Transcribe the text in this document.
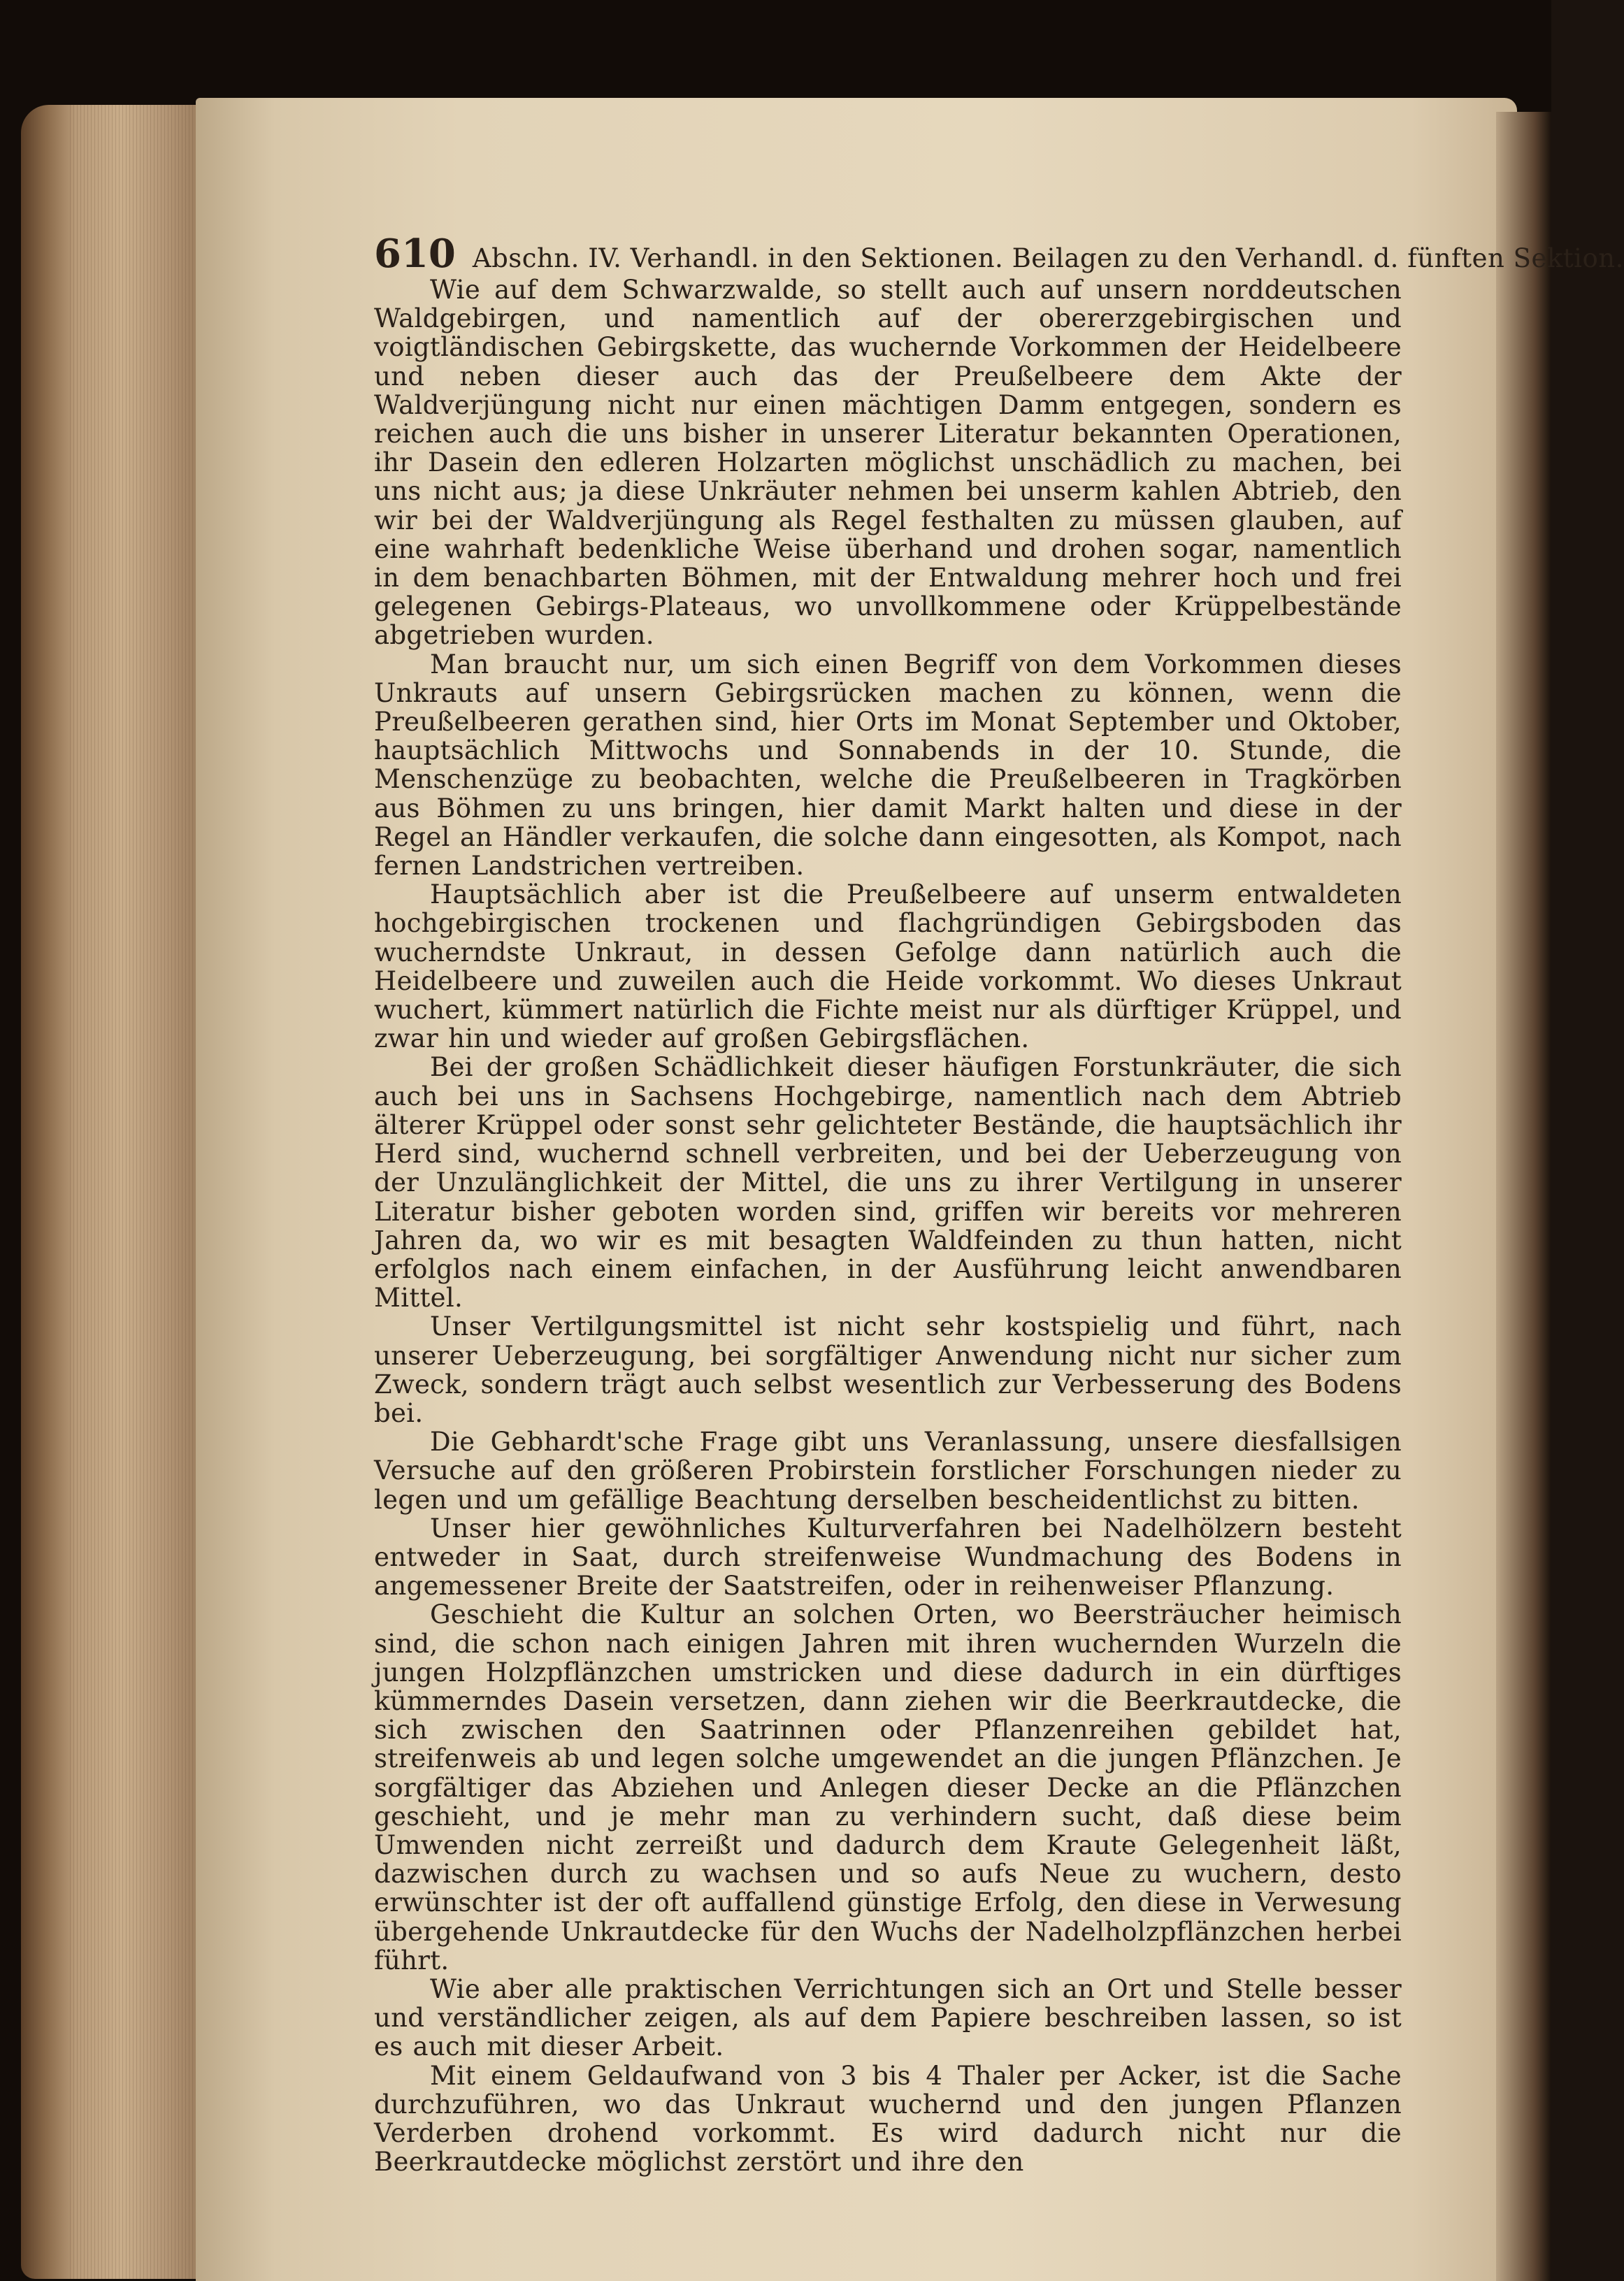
610 Abschn. IV. Verhandl. in den Sektionen. Beilagen zu den Verhandl. d. fünften Sektion.

Wie auf dem Schwarzwalde, so stellt auch auf unsern norddeutschen Waldgebirgen, und namentlich auf der obererzgebirgischen und voigtländischen Gebirgskette, das wuchernde Vorkommen der Heidelbeere und neben dieser auch das der Preußelbeere dem Akte der Waldverjüngung nicht nur einen mächtigen Damm entgegen, sondern es reichen auch die uns bisher in unserer Literatur bekannten Operationen, ihr Dasein den edleren Holzarten möglichst unschädlich zu machen, bei uns nicht aus; ja diese Unkräuter nehmen bei unserm kahlen Abtrieb, den wir bei der Waldverjüngung als Regel festhalten zu müssen glauben, auf eine wahrhaft bedenkliche Weise überhand und drohen sogar, namentlich in dem benachbarten Böhmen, mit der Entwaldung mehrer hoch und frei gelegenen Gebirgs-Plateaus, wo unvollkommene oder Krüppelbestände abgetrieben wurden.

Man braucht nur, um sich einen Begriff von dem Vorkommen dieses Unkrauts auf unsern Gebirgsrücken machen zu können, wenn die Preußelbeeren gerathen sind, hier Orts im Monat September und Oktober, hauptsächlich Mittwochs und Sonnabends in der 10. Stunde, die Menschenzüge zu beobachten, welche die Preußelbeeren in Tragkörben aus Böhmen zu uns bringen, hier damit Markt halten und diese in der Regel an Händler verkaufen, die solche dann eingesotten, als Kompot, nach fernen Landstrichen vertreiben.

Hauptsächlich aber ist die Preußelbeere auf unserm entwaldeten hochgebirgischen trockenen und flachgründigen Gebirgsboden das wucherndste Unkraut, in dessen Gefolge dann natürlich auch die Heidelbeere und zuweilen auch die Heide vorkommt. Wo dieses Unkraut wuchert, kümmert natürlich die Fichte meist nur als dürftiger Krüppel, und zwar hin und wieder auf großen Gebirgsflächen.

Bei der großen Schädlichkeit dieser häufigen Forstunkräuter, die sich auch bei uns in Sachsens Hochgebirge, namentlich nach dem Abtrieb älterer Krüppel oder sonst sehr gelichteter Bestände, die hauptsächlich ihr Herd sind, wuchernd schnell verbreiten, und bei der Ueberzeugung von der Unzulänglichkeit der Mittel, die uns zu ihrer Vertilgung in unserer Literatur bisher geboten worden sind, griffen wir bereits vor mehreren Jahren da, wo wir es mit besagten Waldfeinden zu thun hatten, nicht erfolglos nach einem einfachen, in der Ausführung leicht anwendbaren Mittel.

Unser Vertilgungsmittel ist nicht sehr kostspielig und führt, nach unserer Ueberzeugung, bei sorgfältiger Anwendung nicht nur sicher zum Zweck, sondern trägt auch selbst wesentlich zur Verbesserung des Bodens bei.

Die Gebhardt'sche Frage gibt uns Veranlassung, unsere diesfallsigen Versuche auf den größeren Probirstein forstlicher Forschungen nieder zu legen und um gefällige Beachtung derselben bescheidentlichst zu bitten.

Unser hier gewöhnliches Kulturverfahren bei Nadelhölzern besteht entweder in Saat, durch streifenweise Wundmachung des Bodens in angemessener Breite der Saatstreifen, oder in reihenweiser Pflanzung.

Geschieht die Kultur an solchen Orten, wo Beersträucher heimisch sind, die schon nach einigen Jahren mit ihren wuchernden Wurzeln die jungen Holzpflänzchen umstricken und diese dadurch in ein dürftiges kümmerndes Dasein versetzen, dann ziehen wir die Beerkrautdecke, die sich zwischen den Saatrinnen oder Pflanzenreihen gebildet hat, streifenweis ab und legen solche umgewendet an die jungen Pflänzchen. Je sorgfältiger das Abziehen und Anlegen dieser Decke an die Pflänzchen geschieht, und je mehr man zu verhindern sucht, daß diese beim Umwenden nicht zerreißt und dadurch dem Kraute Gelegenheit läßt, dazwischen durch zu wachsen und so aufs Neue zu wuchern, desto erwünschter ist der oft auffallend günstige Erfolg, den diese in Verwesung übergehende Unkrautdecke für den Wuchs der Nadelholzpflänzchen herbei führt.

Wie aber alle praktischen Verrichtungen sich an Ort und Stelle besser und verständlicher zeigen, als auf dem Papiere beschreiben lassen, so ist es auch mit dieser Arbeit.

Mit einem Geldaufwand von 3 bis 4 Thaler per Acker, ist die Sache durchzuführen, wo das Unkraut wuchernd und den jungen Pflanzen Verderben drohend vorkommt. Es wird dadurch nicht nur die Beerkrautdecke möglichst zerstört und ihre den
